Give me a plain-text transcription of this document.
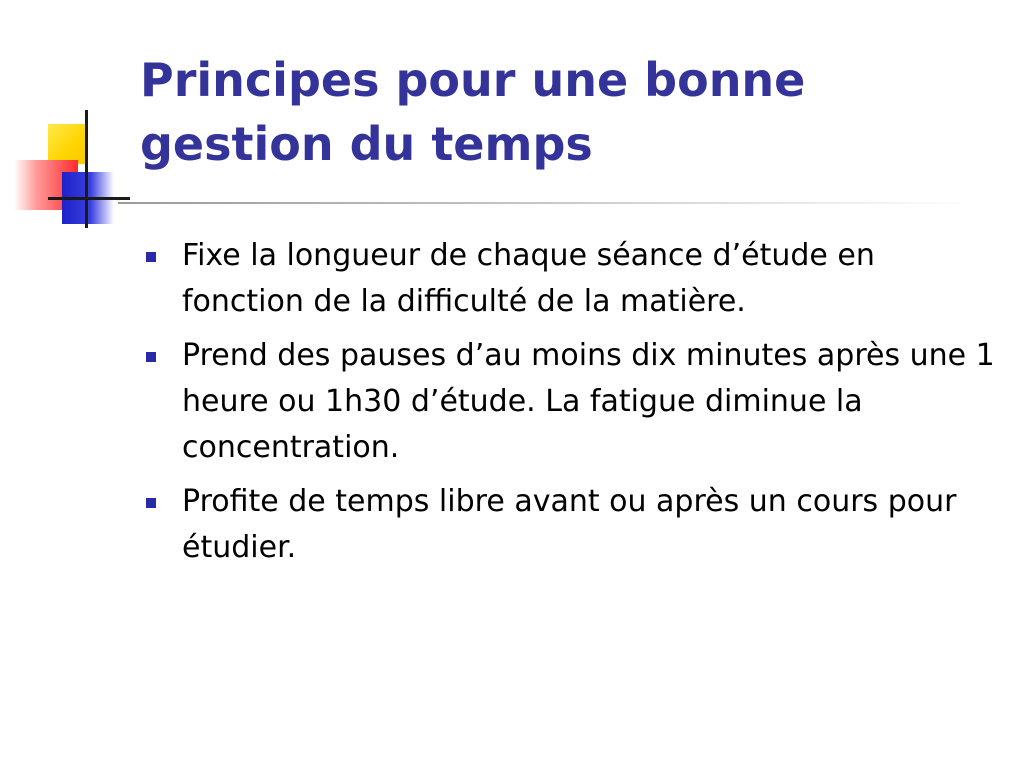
Principes pour une bonne gestion du temps
Fixe la longueur de chaque séance d’étude en fonction de la difficulté de la matière.
Prend des pauses d’au moins dix minutes après une 1 heure ou 1h30 d’étude. La fatigue diminue la concentration.
Profite de temps libre avant ou après un cours pour étudier.
